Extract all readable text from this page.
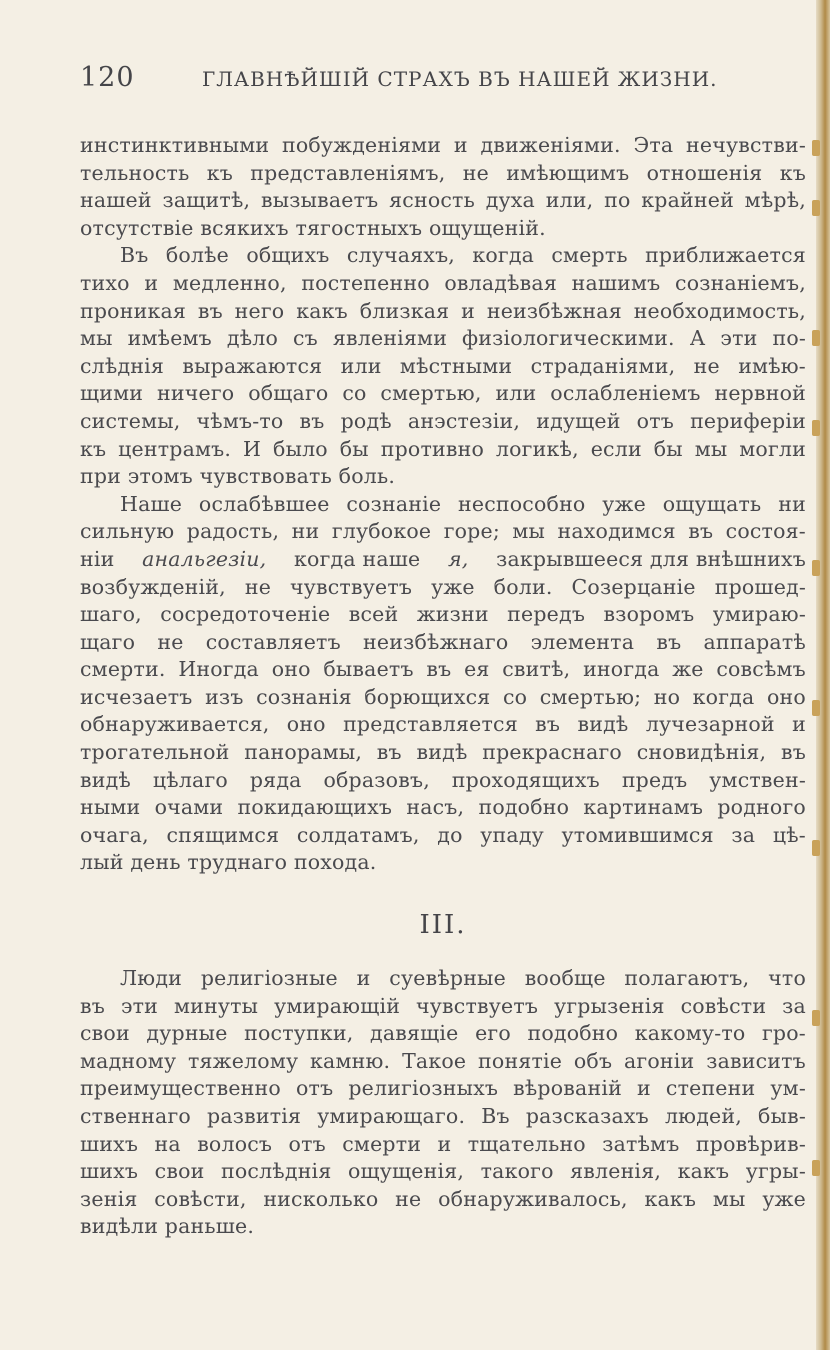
120	ГЛАВНѢЙШІЙ СТРАХЪ ВЪ НАШЕЙ ЖИЗНИ.
инстинктивными побужденіями и движеніями. Эта нечувстви-
тельность къ представленіямъ, не имѣющимъ отношенія къ
нашей защитѣ, вызываетъ ясность духа или, по крайней мѣрѣ,
отсутствіе всякихъ тягостныхъ ощущеній.
Въ болѣе общихъ случаяхъ, когда смерть приближается
тихо и медленно, постепенно овладѣвая нашимъ сознаніемъ,
проникая въ него какъ близкая и неизбѣжная необходимость,
мы имѣемъ дѣло съ явленіями физіологическими. А эти по-
слѣднія выражаются или мѣстными страданіями, не имѣю-
щими ничего общаго со смертью, или ослабленіемъ нервной
системы, чѣмъ-то въ родѣ анэстезіи, идущей отъ периферіи
къ центрамъ. И было бы противно логикѣ, если бы мы могли
при этомъ чувствовать боль.
Наше ослабѣвшее сознаніе неспособно уже ощущать ни
сильную радость, ни глубокое горе; мы находимся въ состоя-
ніи анальгезіи, когда наше я, закрывшееся для внѣшнихъ
возбужденій, не чувствуетъ уже боли. Созерцаніе прошед-
шаго, сосредоточеніе всей жизни передъ взоромъ умираю-
щаго не составляетъ неизбѣжнаго элемента въ аппаратѣ
смерти. Иногда оно бываетъ въ ея свитѣ, иногда же совсѣмъ
исчезаетъ изъ сознанія борющихся со смертью; но когда оно
обнаруживается, оно представляется въ видѣ лучезарной и
трогательной панорамы, въ видѣ прекраснаго сновидѣнія, въ
видѣ цѣлаго ряда образовъ, проходящихъ предъ умствен-
ными очами покидающихъ насъ, подобно картинамъ родного
очага, спящимся солдатамъ, до упаду утомившимся за цѣ-
лый день труднаго похода.
III.
Люди религіозные и суевѣрные вообще полагаютъ, что
въ эти минуты умирающій чувствуетъ угрызенія совѣсти за
свои дурные поступки, давящіе его подобно какому-то гро-
мадному тяжелому камню. Такое понятіе объ агоніи зависитъ
преимущественно отъ религіозныхъ вѣрованій и степени ум-
ственнаго развитія умирающаго. Въ разсказахъ людей, быв-
шихъ на волосъ отъ смерти и тщательно затѣмъ провѣрив-
шихъ свои послѣднія ощущенія, такого явленія, какъ угры-
зенія совѣсти, нисколько не обнаруживалось, какъ мы уже
видѣли раньше.
